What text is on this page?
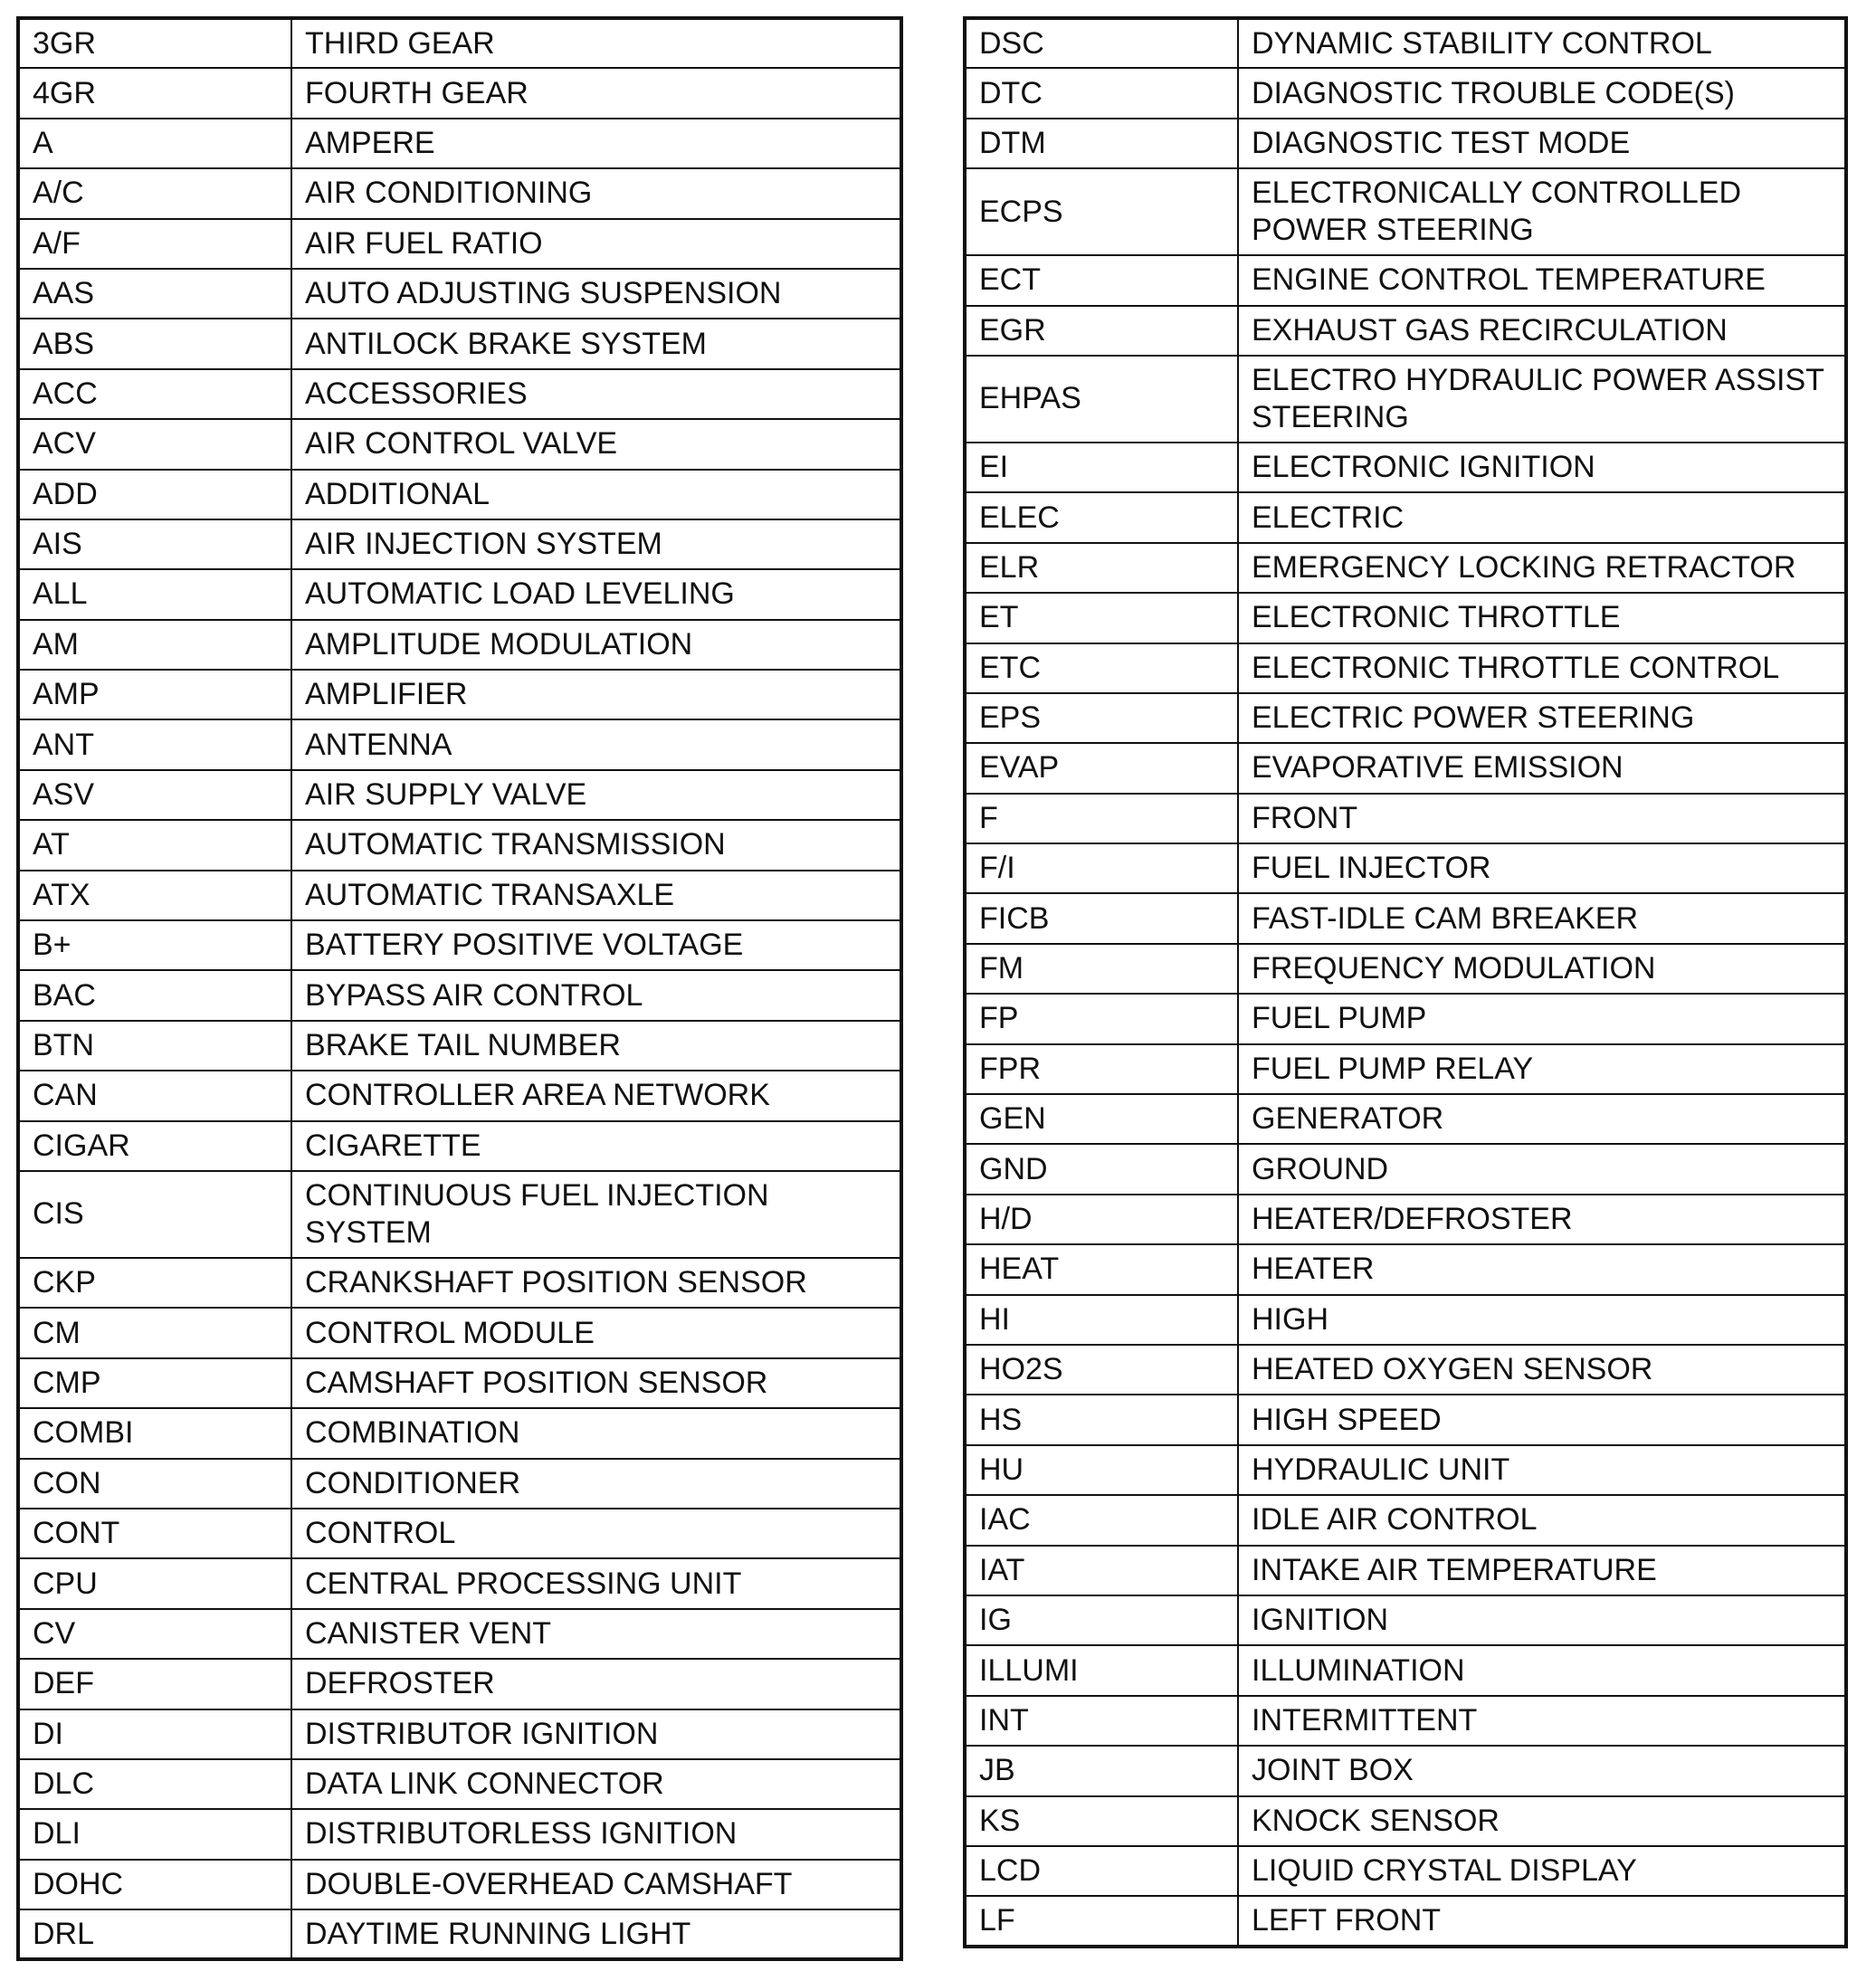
3GR	THIRD GEAR
4GR	FOURTH GEAR
A	AMPERE
A/C	AIR CONDITIONING
A/F	AIR FUEL RATIO
AAS	AUTO ADJUSTING SUSPENSION
ABS	ANTILOCK BRAKE SYSTEM
ACC	ACCESSORIES
ACV	AIR CONTROL VALVE
ADD	ADDITIONAL
AIS	AIR INJECTION SYSTEM
ALL	AUTOMATIC LOAD LEVELING
AM	AMPLITUDE MODULATION
AMP	AMPLIFIER
ANT	ANTENNA
ASV	AIR SUPPLY VALVE
AT	AUTOMATIC TRANSMISSION
ATX	AUTOMATIC TRANSAXLE
B+	BATTERY POSITIVE VOLTAGE
BAC	BYPASS AIR CONTROL
BTN	BRAKE TAIL NUMBER
CAN	CONTROLLER AREA NETWORK
CIGAR	CIGARETTE
CIS	CONTINUOUS FUEL INJECTION SYSTEM
CKP	CRANKSHAFT POSITION SENSOR
CM	CONTROL MODULE
CMP	CAMSHAFT POSITION SENSOR
COMBI	COMBINATION
CON	CONDITIONER
CONT	CONTROL
CPU	CENTRAL PROCESSING UNIT
CV	CANISTER VENT
DEF	DEFROSTER
DI	DISTRIBUTOR IGNITION
DLC	DATA LINK CONNECTOR
DLI	DISTRIBUTORLESS IGNITION
DOHC	DOUBLE-OVERHEAD CAMSHAFT
DRL	DAYTIME RUNNING LIGHT
DSC	DYNAMIC STABILITY CONTROL
DTC	DIAGNOSTIC TROUBLE CODE(S)
DTM	DIAGNOSTIC TEST MODE
ECPS	ELECTRONICALLY CONTROLLED POWER STEERING
ECT	ENGINE CONTROL TEMPERATURE
EGR	EXHAUST GAS RECIRCULATION
EHPAS	ELECTRO HYDRAULIC POWER ASSIST STEERING
EI	ELECTRONIC IGNITION
ELEC	ELECTRIC
ELR	EMERGENCY LOCKING RETRACTOR
ET	ELECTRONIC THROTTLE
ETC	ELECTRONIC THROTTLE CONTROL
EPS	ELECTRIC POWER STEERING
EVAP	EVAPORATIVE EMISSION
F	FRONT
F/I	FUEL INJECTOR
FICB	FAST-IDLE CAM BREAKER
FM	FREQUENCY MODULATION
FP	FUEL PUMP
FPR	FUEL PUMP RELAY
GEN	GENERATOR
GND	GROUND
H/D	HEATER/DEFROSTER
HEAT	HEATER
HI	HIGH
HO2S	HEATED OXYGEN SENSOR
HS	HIGH SPEED
HU	HYDRAULIC UNIT
IAC	IDLE AIR CONTROL
IAT	INTAKE AIR TEMPERATURE
IG	IGNITION
ILLUMI	ILLUMINATION
INT	INTERMITTENT
JB	JOINT BOX
KS	KNOCK SENSOR
LCD	LIQUID CRYSTAL DISPLAY
LF	LEFT FRONT
